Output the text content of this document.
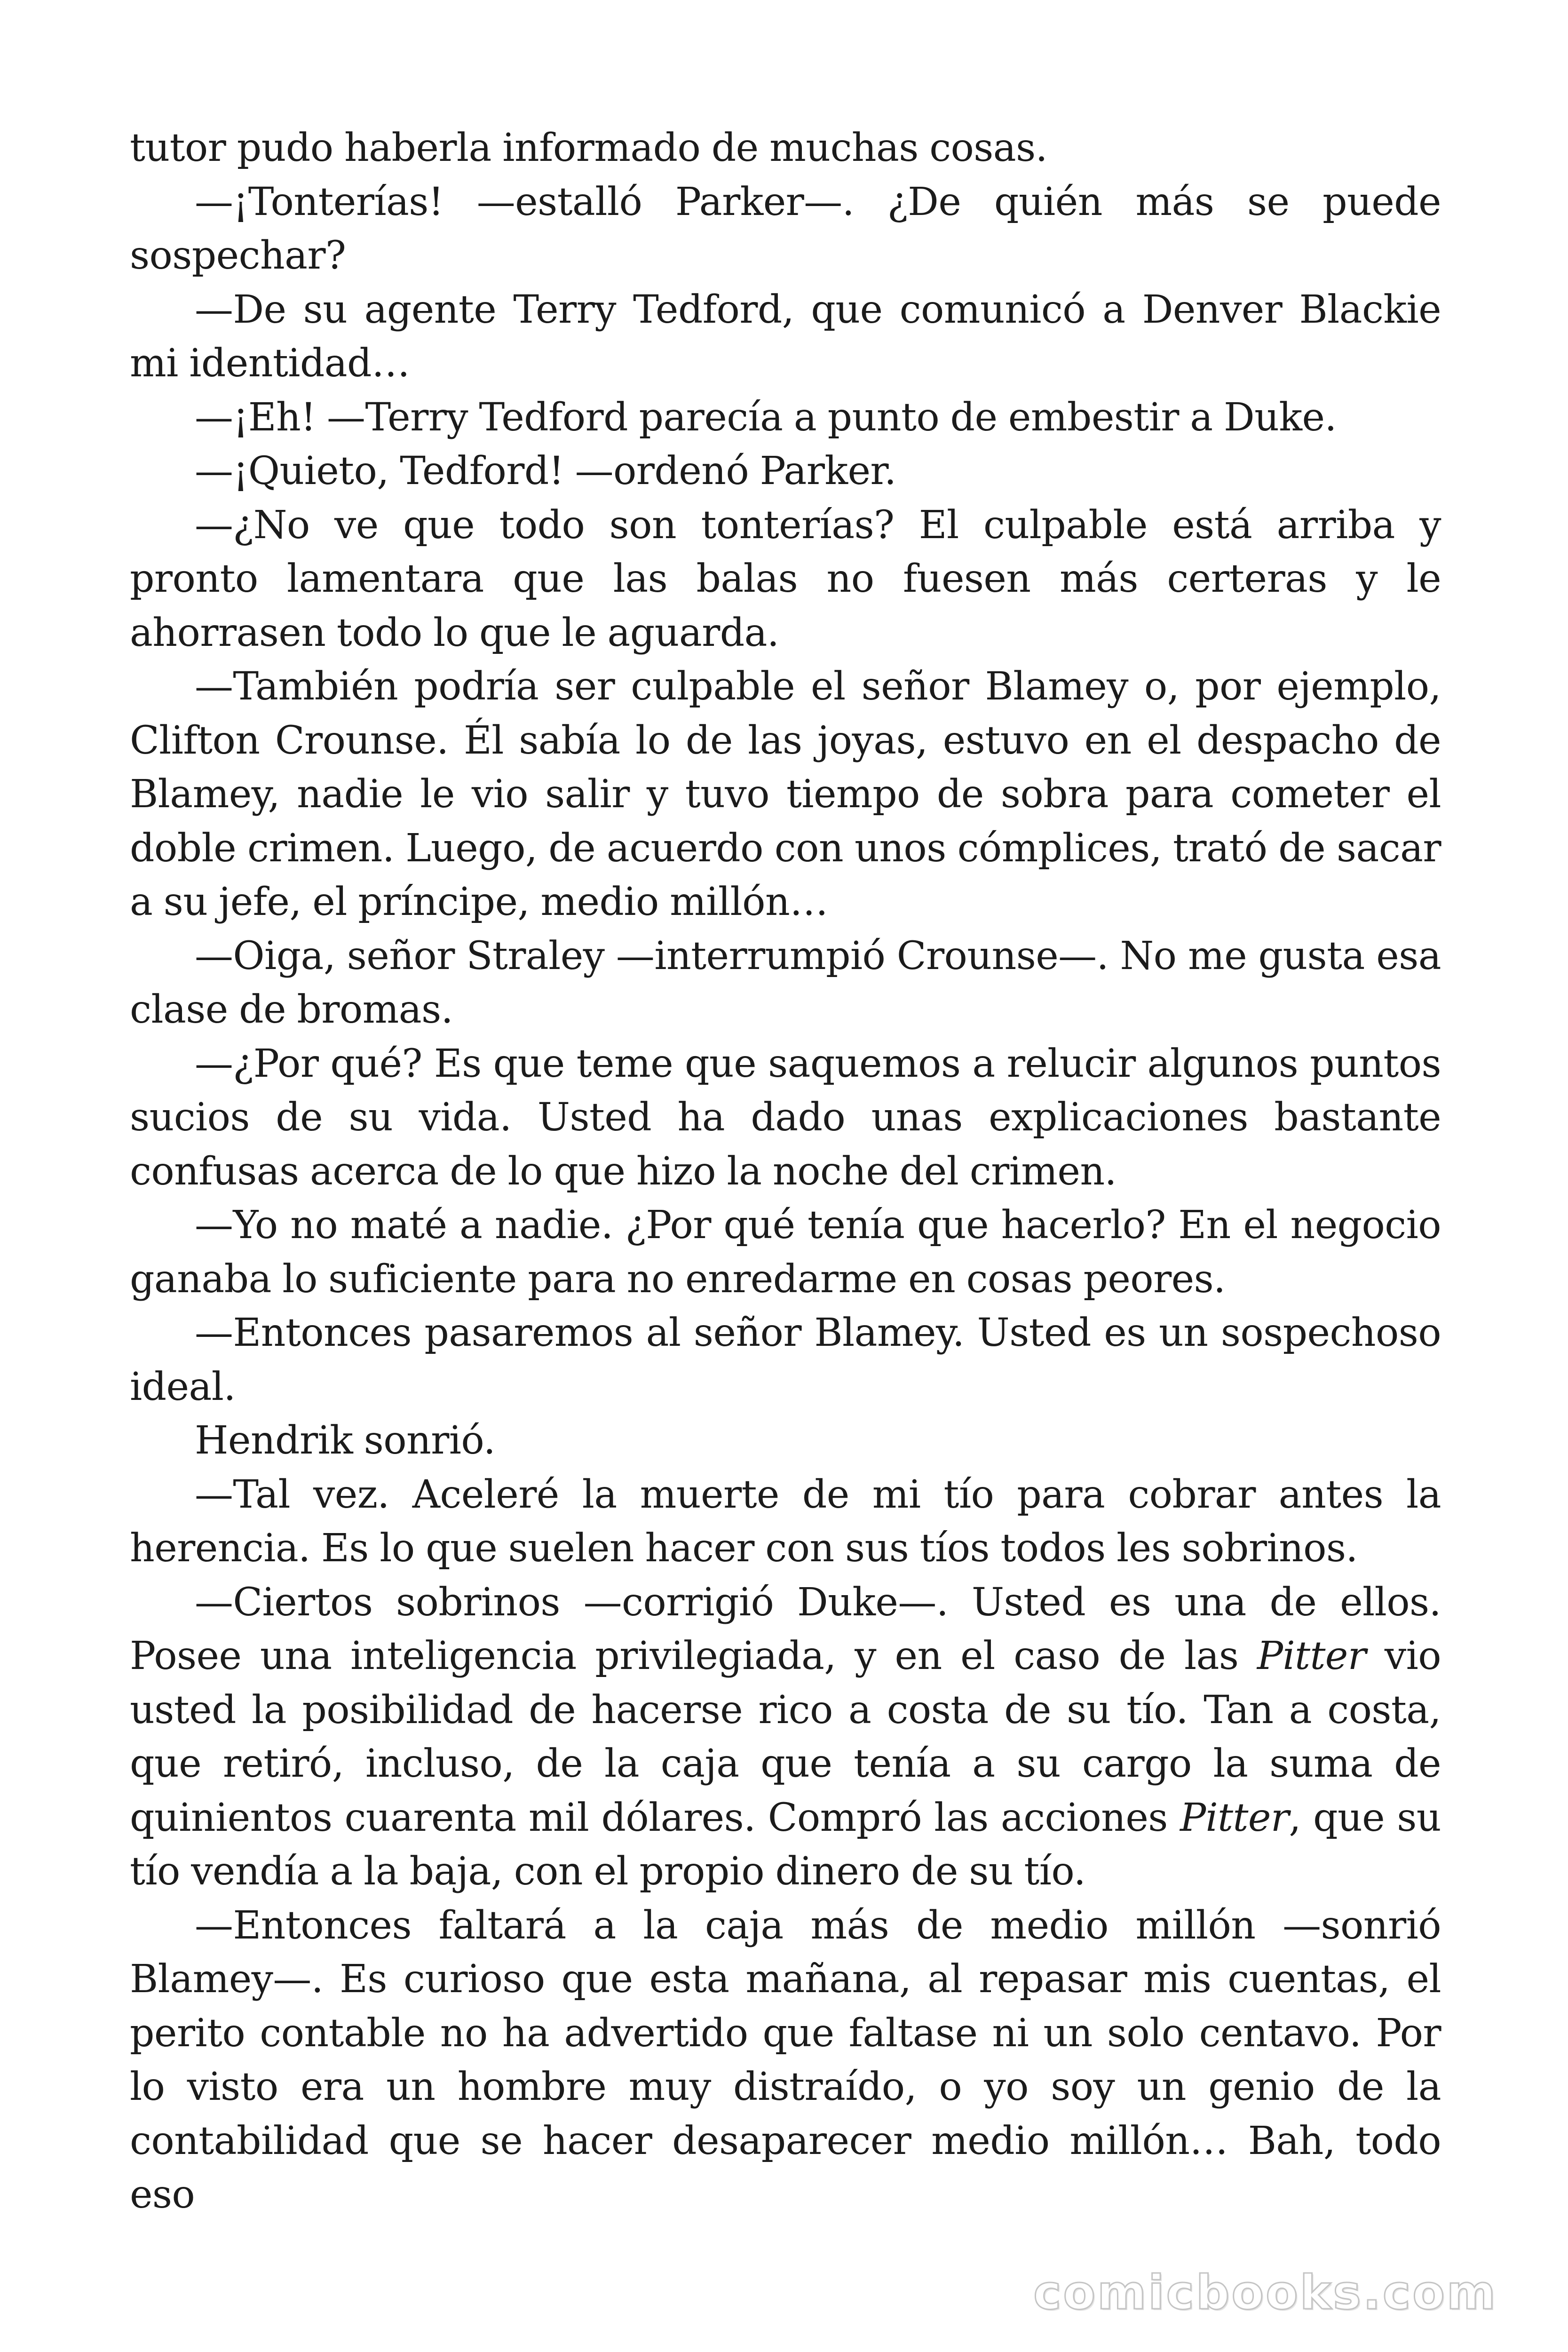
tutor pudo haberla informado de muchas cosas.

—¡Tonterías! —estalló Parker—. ¿De quién más se puede sospechar?

—De su agente Terry Tedford, que comunicó a Denver Blackie mi identidad…

—¡Eh! —Terry Tedford parecía a punto de embestir a Duke.

—¡Quieto, Tedford! —ordenó Parker.

—¿No ve que todo son tonterías? El culpable está arriba y pronto lamentara que las balas no fuesen más certeras y le ahorrasen todo lo que le aguarda.

—También podría ser culpable el señor Blamey o, por ejemplo, Clifton Crounse. Él sabía lo de las joyas, estuvo en el despacho de Blamey, nadie le vio salir y tuvo tiempo de sobra para cometer el doble crimen. Luego, de acuerdo con unos cómplices, trató de sacar a su jefe, el príncipe, medio millón…

—Oiga, señor Straley —interrumpió Crounse—. No me gusta esa clase de bromas.

—¿Por qué? Es que teme que saquemos a relucir algunos puntos sucios de su vida. Usted ha dado unas explicaciones bastante confusas acerca de lo que hizo la noche del crimen.

—Yo no maté a nadie. ¿Por qué tenía que hacerlo? En el negocio ganaba lo suficiente para no enredarme en cosas peores.

—Entonces pasaremos al señor Blamey. Usted es un sospechoso ideal.

Hendrik sonrió.

—Tal vez. Aceleré la muerte de mi tío para cobrar antes la herencia. Es lo que suelen hacer con sus tíos todos les sobrinos.

—Ciertos sobrinos —corrigió Duke—. Usted es una de ellos. Posee una inteligencia privilegiada, y en el caso de las Pitter vio usted la posibilidad de hacerse rico a costa de su tío. Tan a costa, que retiró, incluso, de la caja que tenía a su cargo la suma de quinientos cuarenta mil dólares. Compró las acciones Pitter, que su tío vendía a la baja, con el propio dinero de su tío.

—Entonces faltará a la caja más de medio millón —sonrió Blamey—. Es curioso que esta mañana, al repasar mis cuentas, el perito contable no ha advertido que faltase ni un solo centavo. Por lo visto era un hombre muy distraído, o yo soy un genio de la contabilidad que se hacer desaparecer medio millón… Bah, todo eso

comicbooks.com
